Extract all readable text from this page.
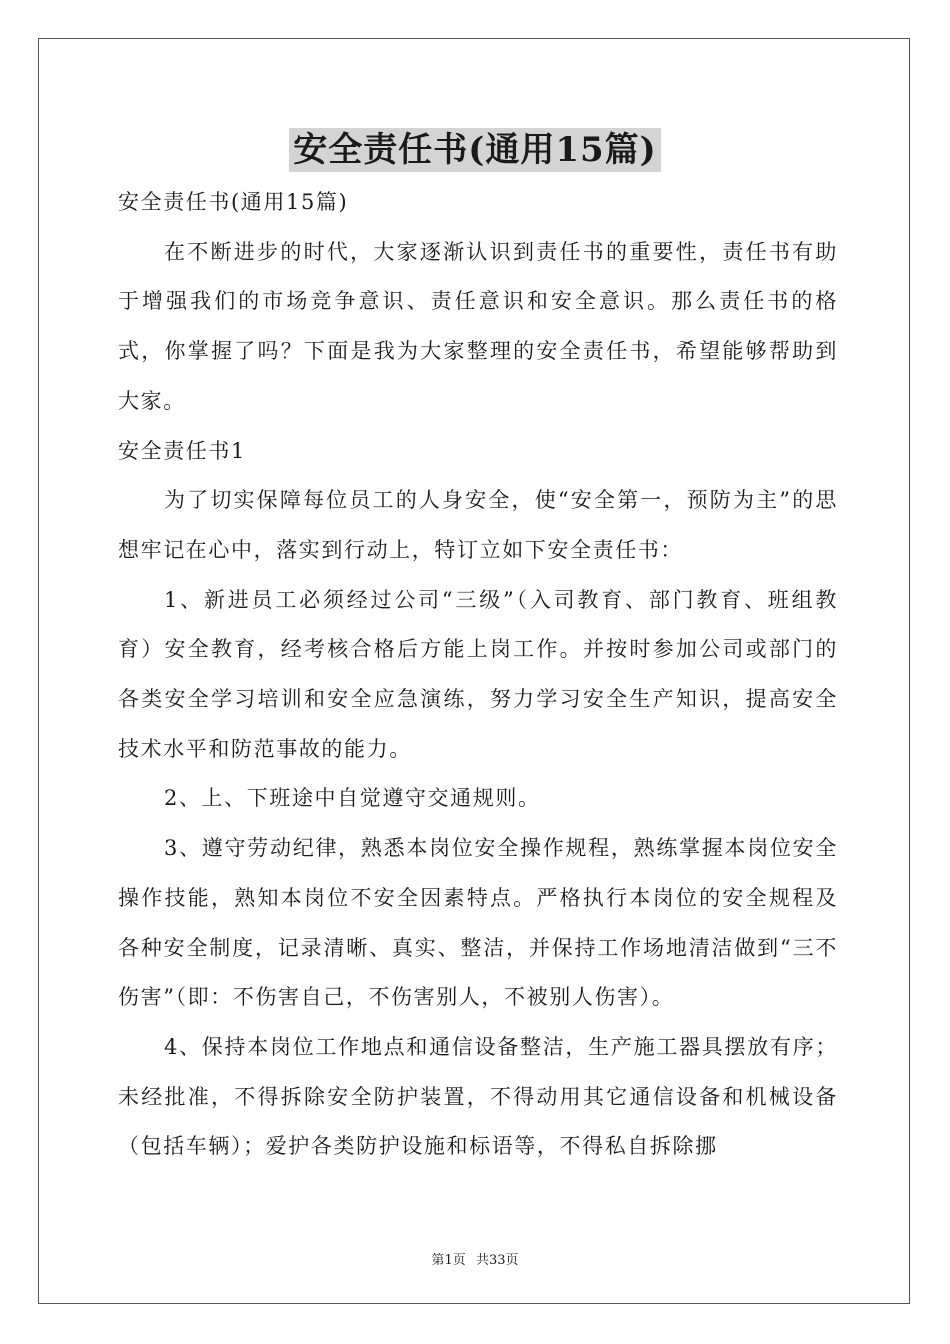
安全责任书(通用15篇)

安全责任书(通用15篇)

在不断进步的时代，大家逐渐认识到责任书的重要性，责任书有助于增强我们的市场竞争意识、责任意识和安全意识。那么责任书的格式，你掌握了吗？下面是我为大家整理的安全责任书，希望能够帮助到大家。

安全责任书1

为了切实保障每位员工的人身安全，使“安全第一，预防为主”的思想牢记在心中，落实到行动上，特订立如下安全责任书：

1、新进员工必须经过公司“三级”（入司教育、部门教育、班组教育）安全教育，经考核合格后方能上岗工作。并按时参加公司或部门的各类安全学习培训和安全应急演练，努力学习安全生产知识，提高安全技术水平和防范事故的能力。

2、上、下班途中自觉遵守交通规则。

3、遵守劳动纪律，熟悉本岗位安全操作规程，熟练掌握本岗位安全操作技能，熟知本岗位不安全因素特点。严格执行本岗位的安全规程及各种安全制度，记录清晰、真实、整洁，并保持工作场地清洁做到“三不伤害”（即：不伤害自己，不伤害别人，不被别人伤害）。

4、保持本岗位工作地点和通信设备整洁，生产施工器具摆放有序；未经批准，不得拆除安全防护装置，不得动用其它通信设备和机械设备（包括车辆）；爱护各类防护设施和标语等，不得私自拆除挪

第1页 共33页
